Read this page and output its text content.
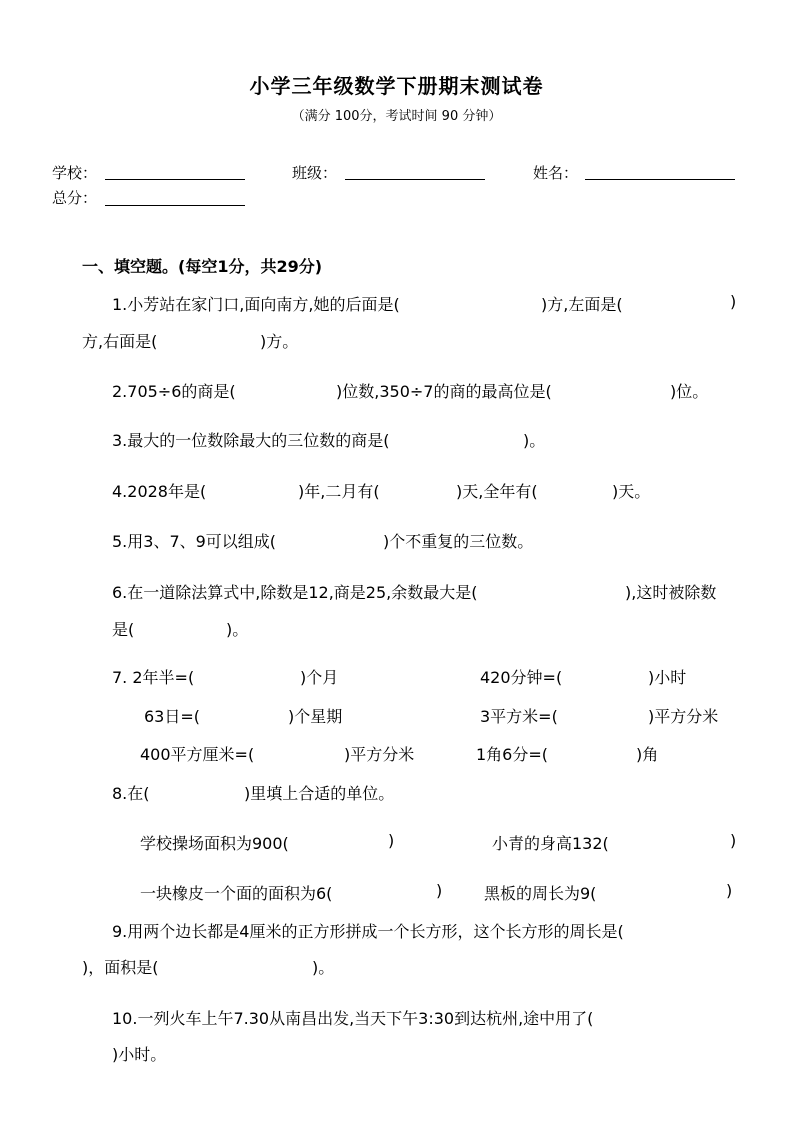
小学三年级数学下册期末测试卷
（满分 100分，考试时间 90 分钟）
学校：	班级：	姓名：
总分：
一、填空题。(每空1分，共29分)
1.小芳站在家门口,面向南方,她的后面是(	)方,左面是(	)
方,右面是(	)方。
2.705÷6的商是(	)位数,350÷7的商的最高位是(	)位。
3.最大的一位数除最大的三位数的商是(	)。
4.2028年是(	)年,二月有(	)天,全年有(	)天。
5.用3、7、9可以组成(	)个不重复的三位数。
6.在一道除法算式中,除数是12,商是25,余数最大是(	),这时被除数
是(	)。
7. 2年半=(	)个月	420分钟=(	)小时
63日=(	)个星期	3平方米=(	)平方分米
400平方厘米=(	)平方分米	1角6分=(	)角
8.在(	)里填上合适的单位。
学校操场面积为900(	)	小青的身高132(	)
一块橡皮一个面的面积为6(	)	黑板的周长为9(	)
9.用两个边长都是4厘米的正方形拼成一个长方形，这个长方形的周长是(
)，面积是(	)。
10.一列火车上午7.30从南昌出发,当天下午3:30到达杭州,途中用了(
)小时。
